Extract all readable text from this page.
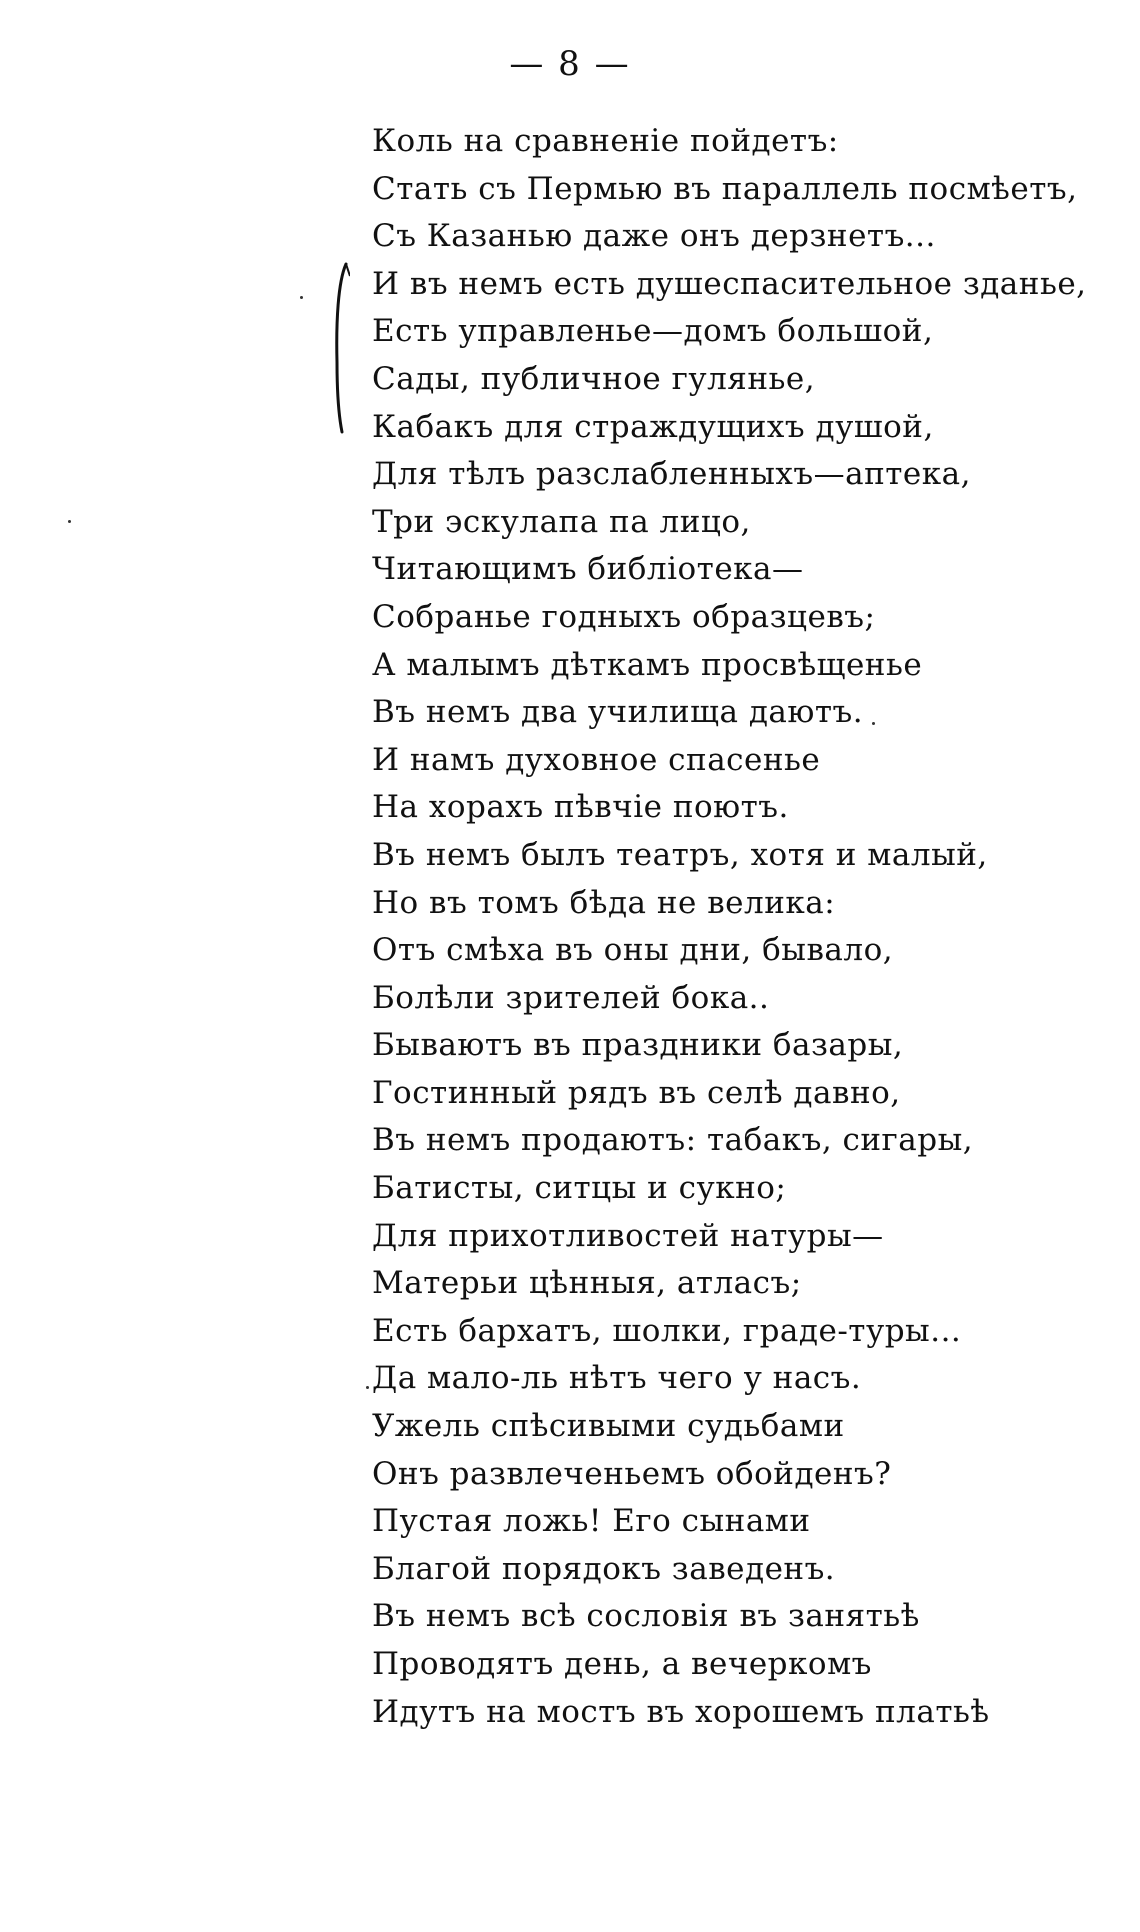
— 8 —
Коль на сравненіе пойдетъ:
Стать съ Пермью въ параллель посмѣетъ,
Съ Казанью даже онъ дерзнетъ...
И въ немъ есть душеспасительное зданье,
Есть управленье—домъ большой,
Сады, публичное гулянье,
Кабакъ для страждущихъ душой,
Для тѣлъ разслабленныхъ—аптека,
Три эскулапа па лицо,
Читающимъ библіотека—
Собранье годныхъ образцевъ;
А малымъ дѣткамъ просвѣщенье
Въ немъ два училища даютъ.
И намъ духовное спасенье
На хорахъ пѣвчіе поютъ.
Въ немъ былъ театръ, хотя и малый,
Но въ томъ бѣда не велика:
Отъ смѣха въ оны дни, бывало,
Болѣли зрителей бока..
Бываютъ въ праздники базары,
Гостинный рядъ въ селѣ давно,
Въ немъ продаютъ: табакъ, сигары,
Батисты, ситцы и сукно;
Для прихотливостей натуры—
Матерьи цѣнныя, атласъ;
Есть бархатъ, шолки, граде-туры...
Да мало-ль нѣтъ чего у насъ.
Ужель спѣсивыми судьбами
Онъ развлеченьемъ обойденъ?
Пустая ложь! Его сынами
Благой порядокъ заведенъ.
Въ немъ всѣ сословія въ занятьѣ
Проводятъ день, а вечеркомъ
Идутъ на мостъ въ хорошемъ платьѣ
